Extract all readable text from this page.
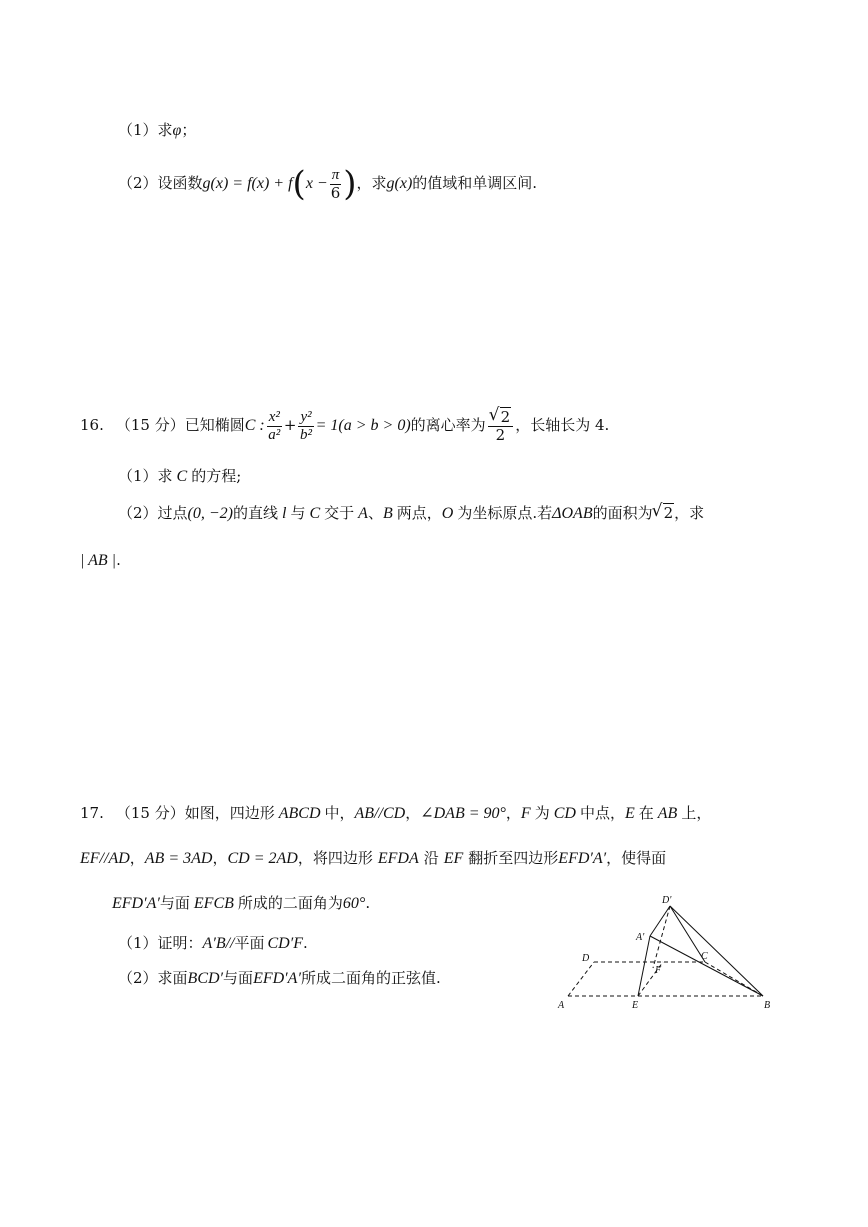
（1）求φ；
（2）设函数$g(x) = f(x) + f(x - \frac{\pi}{6}$ )，求g(x)的值域和单调区间.
16. （15 分）已知椭圆C : $\frac{\text{x²}}{\text{a²}} + \frac{\text{y²}}{\text{b²}} = 1(a > b > 0)$的离心率为 √ $\frac{2}{2}$ ，长轴长为 4.
（1）求 C 的方程;
（2）过点(0, −2)的直线 l 与 C 交于 A、B 两点，O 为坐标原点.若ΔOAB的面积为 √ 2，求
| AB |.
17. （15 分）如图，四边形 ABCD 中，AB//CD，∠DAB = 90°，F 为 CD 中点，E 在 AB 上，
EF//AD，AB = 3AD，CD = 2AD，将四边形 EFDA 沿 EF 翻折至四边形EFD′A′，使得面
EFD′A′与面 EFCB 所成的二面角为60°.
（1）证明：A′B//平面 CD′F.
（2）求面BCD′与面EFD′A′所成二面角的正弦值.
D'
A'
D	C
F
A	E	B
